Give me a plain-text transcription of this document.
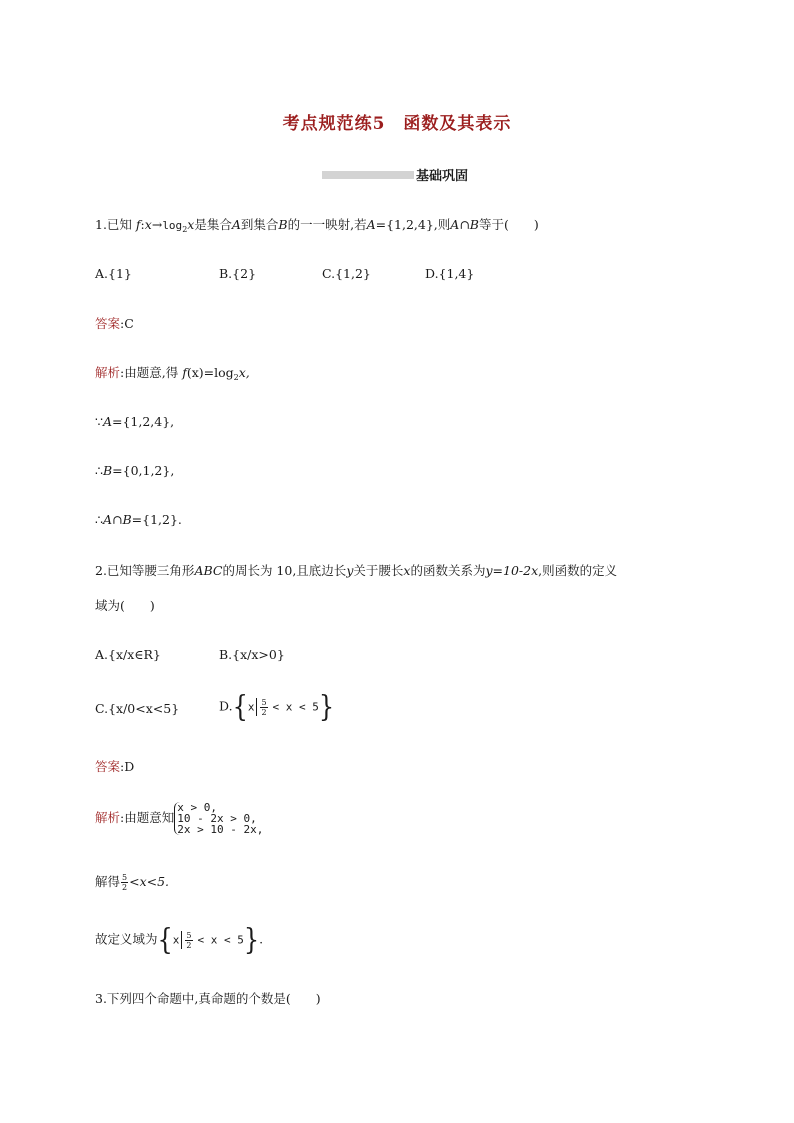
考点规范练5　函数及其表示
基础巩固
1.已知 $f:x\to\log_2x$是集合A到集合B的一一映射,若A={1,2,4},则A∩B等于(　　)
A.{1}	B.{2}	C.{1,2}	D.{1,4}
答案:C
解析:由题意,得 $f(x)=\log_2x$,
∵A={1,2,4},
∴B={0,1,2},
∴A∩B={1,2}.
2.已知等腰三角形ABC的周长为 10,且底边长y关于腰长x的函数关系为y=10-2x,则函数的定义
域为(　　)
A.{x/x∈R}	B.{x/x>0}
C.{x/0<x<5}	$D.\{x \frac{5}{2} < x < 5\}$
答案:D
解析:由题意知
x > 0,
10 - 2x > 0,
2x > 10 - 2x,
解得 $\frac{5}{2} <x<5$.
故定义域为$\{x \frac{5}{2} < x < 5\}$.
3.下列四个命题中,真命题的个数是(　　)
